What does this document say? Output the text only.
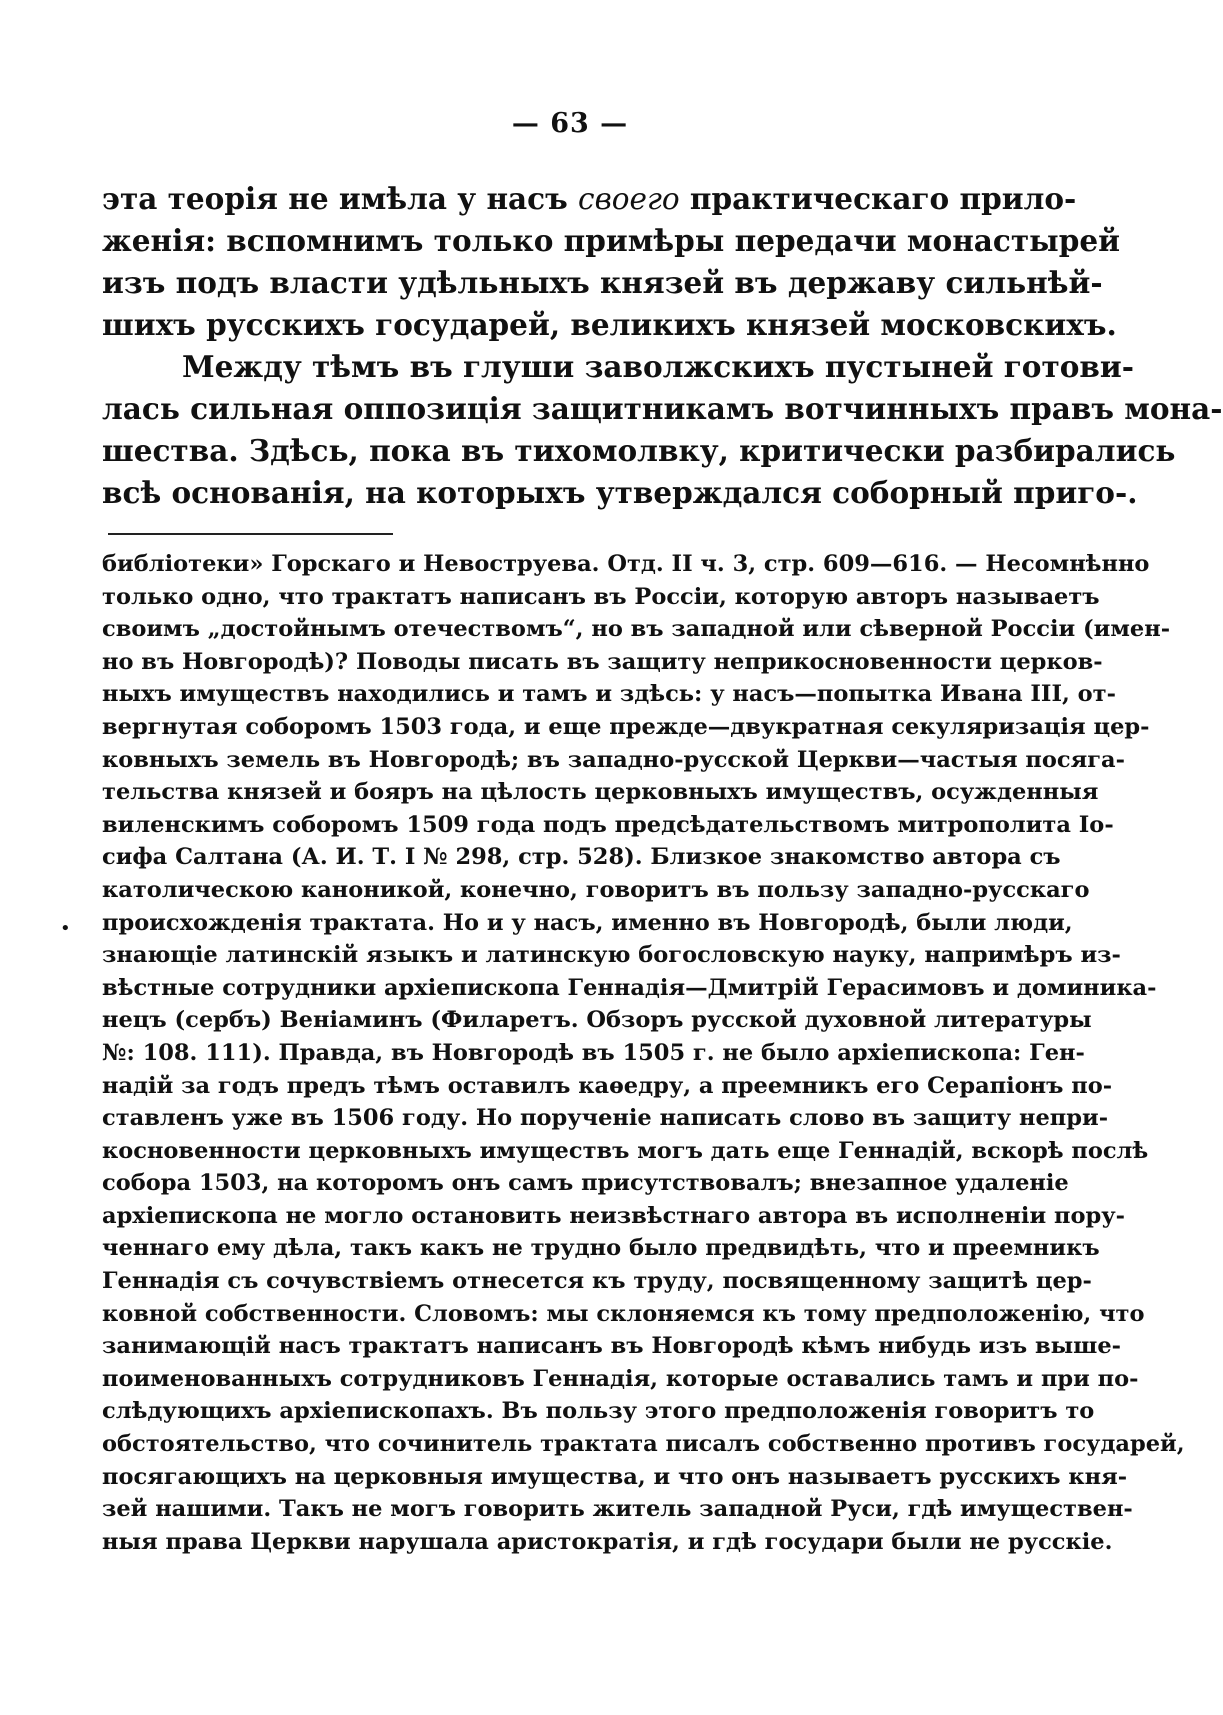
— 63 —
эта теорія не имѣла у насъ своего практическаго прило-
женія: вспомнимъ только примѣры передачи монастырей
изъ подъ власти удѣльныхъ князей въ державу сильнѣй-
шихъ русскихъ государей, великихъ князей московскихъ.
Между тѣмъ въ глуши заволжскихъ пустыней готови-
лась сильная оппозиція защитникамъ вотчинныхъ правъ мона-
шества. Здѣсь, пока въ тихомолвку, критически разбирались
всѣ основанія, на которыхъ утверждался соборный приго-.
библіотеки» Горскаго и Невоструева. Отд. II ч. 3, стр. 609—616. — Несомнѣнно
только одно, что трактатъ написанъ въ Россіи, которую авторъ называетъ
своимъ „достойнымъ отечествомъ“, но въ западной или сѣверной Россіи (имен-
но въ Новгородѣ)? Поводы писать въ защиту неприкосновенности церков-
ныхъ имуществъ находились и тамъ и здѣсь: у насъ—попытка Ивана III, от-
вергнутая соборомъ 1503 года, и еще прежде—двукратная секуляризація цер-
ковныхъ земель въ Новгородѣ; въ западно-русской Церкви—частыя посяга-
тельства князей и бояръ на цѣлость церковныхъ имуществъ, осужденныя
виленскимъ соборомъ 1509 года подъ предсѣдательствомъ митрополита Іо-
сифа Салтана (А. И. Т. I № 298, стр. 528). Близкое знакомство автора съ
католическою каноникой, конечно, говоритъ въ пользу западно-русскаго
происхожденія трактата. Но и у насъ, именно въ Новгородѣ, были люди,
знающіе латинскій языкъ и латинскую богословскую науку, напримѣръ из-
вѣстные сотрудники архіепископа Геннадія—Дмитрій Герасимовъ и доминика-
нецъ (сербъ) Веніаминъ (Филаретъ. Обзоръ русской духовной литературы
№: 108. 111). Правда, въ Новгородѣ въ 1505 г. не было архіепископа: Ген-
надій за годъ предъ тѣмъ оставилъ каѳедру, а преемникъ его Серапіонъ по-
ставленъ уже въ 1506 году. Но порученіе написать слово въ защиту непри-
косновенности церковныхъ имуществъ могъ дать еще Геннадій, вскорѣ послѣ
собора 1503, на которомъ онъ самъ присутствовалъ; внезапное удаленіе
архіепископа не могло остановить неизвѣстнаго автора въ исполненіи пору-
ченнаго ему дѣла, такъ какъ не трудно было предвидѣть, что и преемникъ
Геннадія съ сочувствіемъ отнесется къ труду, посвященному защитѣ цер-
ковной собственности. Словомъ: мы склоняемся къ тому предположенію, что
занимающій насъ трактатъ написанъ въ Новгородѣ кѣмъ нибудь изъ выше-
поименованныхъ сотрудниковъ Геннадія, которые оставались тамъ и при по-
слѣдующихъ архіепископахъ. Въ пользу этого предположенія говоритъ то
обстоятельство, что сочинитель трактата писалъ собственно противъ государей,
посягающихъ на церковныя имущества, и что онъ называетъ русскихъ кня-
зей нашими. Такъ не могъ говорить житель западной Руси, гдѣ имуществен-
ныя права Церкви нарушала аристократія, и гдѣ государи были не русскіе.
•
